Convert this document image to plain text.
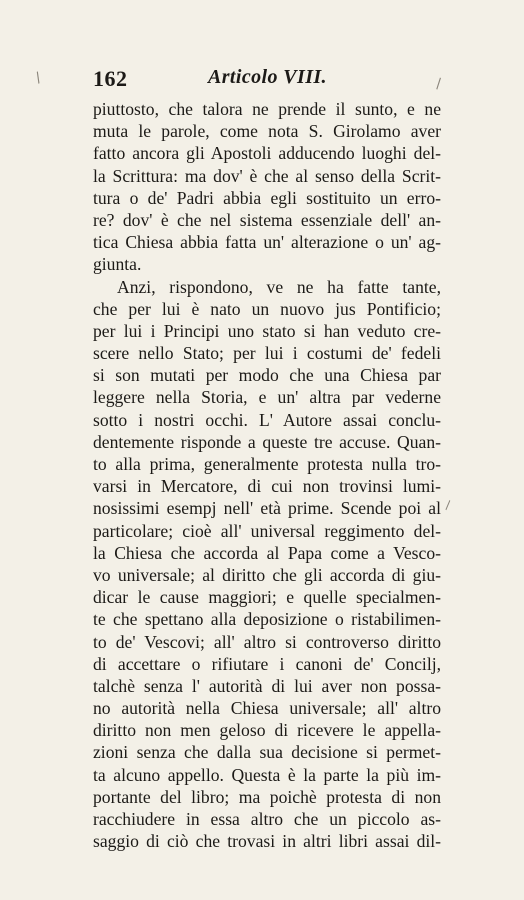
/	\
\
162	Articolo VIII.
piuttosto, che talora ne prende il sunto, e ne
muta le parole, come nota S. Girolamo aver
fatto ancora gli Apostoli adducendo luoghi del-
la Scrittura: ma dov' è che al senso della Scrit-
tura o de' Padri abbia egli sostituito un erro-
re? dov' è che nel sistema essenziale dell' an-
tica Chiesa abbia fatta un' alterazione o un' ag-
giunta.
Anzi, rispondono, ve ne ha fatte tante,
che per lui è nato un nuovo jus Pontificio;
per lui i Principi uno stato si han veduto cre-
scere nello Stato; per lui i costumi de' fedeli
si son mutati per modo che una Chiesa par
leggere nella Storia, e un' altra par vederne
sotto i nostri occhi. L' Autore assai conclu-
dentemente risponde a queste tre accuse. Quan-
to alla prima, generalmente protesta nulla tro-
varsi in Mercatore, di cui non trovinsi lumi-
nosissimi esempj nell' età prime. Scende poi al
particolare; cioè all' universal reggimento del-
la Chiesa che accorda al Papa come a Vesco-
vo universale; al diritto che gli accorda di giu-
dicar le cause maggiori; e quelle specialmen-
te che spettano alla deposizione o ristabilimen-
to de' Vescovi; all' altro si controverso diritto
di accettare o rifiutare i canoni de' Concilj,
talchè senza l' autorità di lui aver non possa-
no autorità nella Chiesa universale; all' altro
diritto non men geloso di ricevere le appella-
zioni senza che dalla sua decisione si permet-
ta alcuno appello. Questa è la parte la più im-
portante del libro; ma poichè protesta di non
racchiudere in essa altro che un piccolo as-
saggio di ciò che trovasi in altri libri assai dil-
